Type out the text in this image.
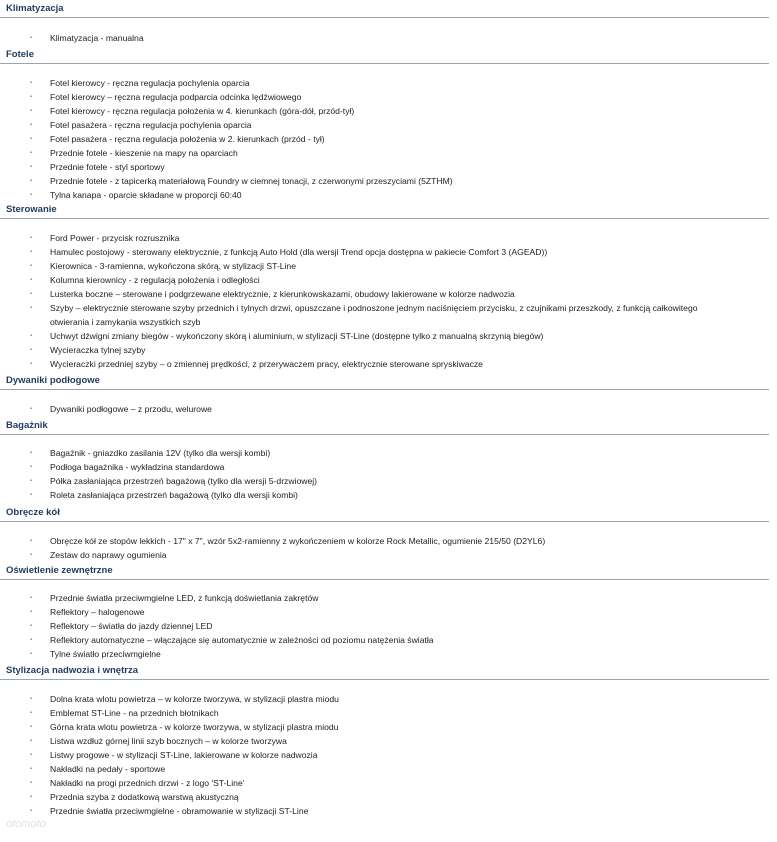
Klimatyzacja
▪ Klimatyzacja - manualna
Fotele
▪ Fotel kierowcy - ręczna regulacja pochylenia oparcia
▪ Fotel kierowcy – ręczna regulacja podparcia odcinka lędźwiowego
▪ Fotel kierowcy - ręczna regulacja położenia w 4. kierunkach (góra-dół, przód-tył)
▪ Fotel pasażera - ręczna regulacja pochylenia oparcia
▪ Fotel pasażera - ręczna regulacja położenia w 2. kierunkach (przód - tył)
▪ Przednie fotele - kieszenie na mapy na oparciach
▪ Przednie fotele - styl sportowy
▪ Przednie fotele - z tapicerką materiałową Foundry w ciemnej tonacji, z czerwonymi przeszyciami (5ZTHM)
▪ Tylna kanapa - oparcie składane w proporcji 60:40
Sterowanie
▪ Ford Power - przycisk rozrusznika
▪ Hamulec postojowy - sterowany elektrycznie, z funkcją Auto Hold (dla wersji Trend opcja dostępna w pakiecie Comfort 3 (AGEAD))
▪ Kierownica - 3-ramienna, wykończona skórą, w stylizacji ST-Line
▪ Kolumna kierownicy - z regulacją położenia i odległości
▪ Lusterka boczne – sterowane i podgrzewane elektrycznie, z kierunkowskazami, obudowy lakierowane w kolorze nadwozia
▪ Szyby – elektrycznie sterowane szyby przednich i tylnych drzwi, opuszczane i podnoszone jednym naciśnięciem przycisku, z czujnikami przeszkody, z funkcją całkowitego otwierania i zamykania wszystkich szyb
▪ Uchwyt dźwigni zmiany biegów - wykończony skórą i aluminium, w stylizacji ST-Line (dostępne tylko z manualną skrzynią biegów)
▪ Wycieraczka tylnej szyby
▪ Wycieraczki przedniej szyby – o zmiennej prędkości, z przerywaczem pracy, elektrycznie sterowane spryskiwacze
Dywaniki podłogowe
▪ Dywaniki podłogowe – z przodu, welurowe
Bagażnik
▪ Bagażnik - gniazdko zasilania 12V (tylko dla wersji kombi)
▪ Podłoga bagażnika - wykładzina standardowa
▪ Półka zasłaniająca przestrzeń bagażową (tylko dla wersji 5-drzwiowej)
▪ Roleta zasłaniająca przestrzeń bagażową (tylko dla wersji kombi)
Obręcze kół
▪ Obręcze kół ze stopów lekkich - 17" x 7", wzór 5x2-ramienny z wykończeniem w kolorze Rock Metallic, ogumienie 215/50 (D2YL6)
▪ Zestaw do naprawy ogumienia
Oświetlenie zewnętrzne
▪ Przednie światła przeciwmgielne LED, z funkcją doświetlania zakrętów
▪ Reflektory – halogenowe
▪ Reflektory – światła do jazdy dziennej LED
▪ Reflektory automatyczne – włączające się automatycznie w zależności od poziomu natężenia światła
▪ Tylne światło przeciwmgielne
Stylizacja nadwozia i wnętrza
▪ Dolna krata wlotu powietrza – w kolorze tworzywa, w stylizacji plastra miodu
▪ Emblemat ST-Line - na przednich błotnikach
▪ Górna krata wlotu powietrza - w kolorze tworzywa, w stylizacji plastra miodu
▪ Listwa wzdłuż górnej linii szyb bocznych – w kolorze tworzywa
▪ Listwy progowe - w stylizacji ST-Line, lakierowane w kolorze nadwozia
▪ Nakładki na pedały - sportowe
▪ Nakładki na progi przednich drzwi - z logo 'ST-Line'
▪ Przednia szyba z dodatkową warstwą akustyczną
▪ Przednie światła przeciwmgielne - obramowanie w stylizacji ST-Line
otomoto
